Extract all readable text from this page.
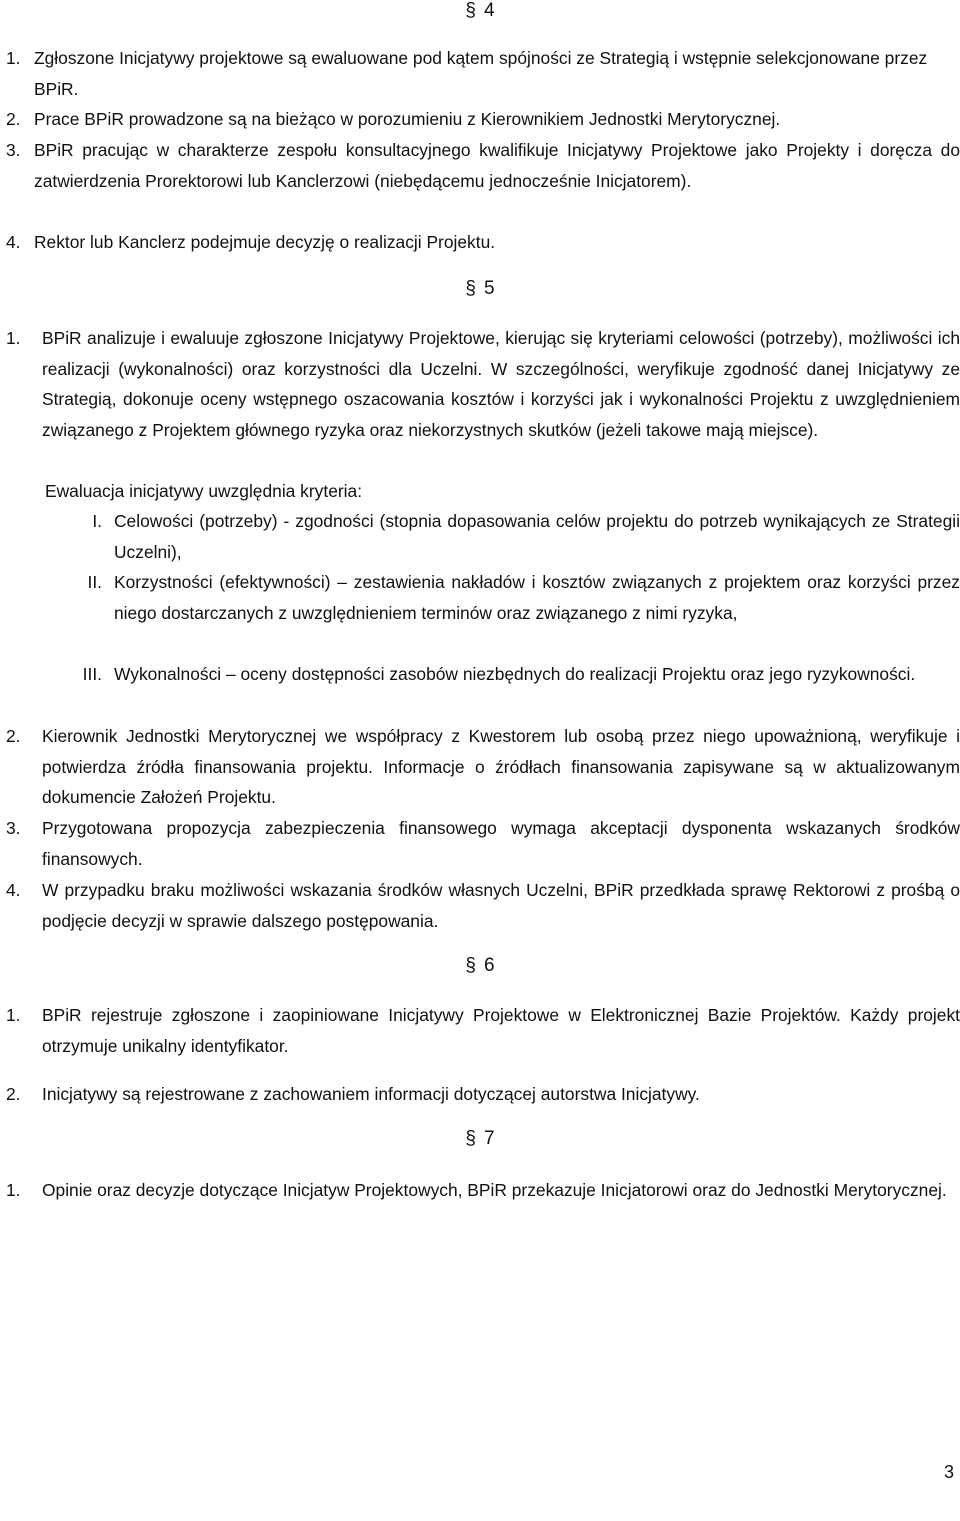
§ 4
1. Zgłoszone Inicjatywy projektowe są ewaluowane pod kątem spójności ze Strategią i wstępnie selekcjonowane przez BPiR.
2. Prace BPiR prowadzone są na bieżąco w porozumieniu z Kierownikiem Jednostki Merytorycznej.
3. BPiR pracując w charakterze zespołu konsultacyjnego kwalifikuje Inicjatywy Projektowe jako Projekty i doręcza do zatwierdzenia Prorektorowi lub Kanclerzowi (niebędącemu jednocześnie Inicjatorem).
4. Rektor lub Kanclerz podejmuje decyzję o realizacji Projektu.
§ 5
1.	BPiR analizuje i ewaluuje zgłoszone Inicjatywy Projektowe, kierując się kryteriami celowości (potrzeby), możliwości ich realizacji (wykonalności) oraz korzystności dla Uczelni. W szczególności, weryfikuje zgodność danej Inicjatywy ze Strategią, dokonuje oceny wstępnego oszacowania kosztów i korzyści jak i wykonalności Projektu z uwzględnieniem związanego z Projektem głównego ryzyka oraz niekorzystnych skutków (jeżeli takowe mają miejsce).
Ewaluacja inicjatywy uwzględnia kryteria:
I. Celowości (potrzeby) - zgodności (stopnia dopasowania celów projektu do potrzeb wynikających ze Strategii Uczelni),
II. Korzystności (efektywności) – zestawienia nakładów i kosztów związanych z projektem oraz korzyści przez niego dostarczanych z uwzględnieniem terminów oraz związanego z nimi ryzyka,
III. Wykonalności – oceny dostępności zasobów niezbędnych do realizacji Projektu oraz jego ryzykowności.
2.	Kierownik Jednostki Merytorycznej we współpracy z Kwestorem lub osobą przez niego upoważnioną, weryfikuje i potwierdza źródła finansowania projektu. Informacje o źródłach finansowania zapisywane są w aktualizowanym dokumencie Założeń Projektu.
3.	Przygotowana propozycja zabezpieczenia finansowego wymaga akceptacji dysponenta wskazanych środków finansowych.
4.	W przypadku braku możliwości wskazania środków własnych Uczelni, BPiR przedkłada sprawę Rektorowi z prośbą o podjęcie decyzji w sprawie dalszego postępowania.
§ 6
1.	BPiR rejestruje zgłoszone i zaopiniowane Inicjatywy Projektowe w Elektronicznej Bazie Projektów. Każdy projekt otrzymuje unikalny identyfikator.
2.	Inicjatywy są rejestrowane z zachowaniem informacji dotyczącej autorstwa Inicjatywy.
§ 7
1.	Opinie oraz decyzje dotyczące Inicjatyw Projektowych, BPiR przekazuje Inicjatorowi oraz do Jednostki Merytorycznej.
3
